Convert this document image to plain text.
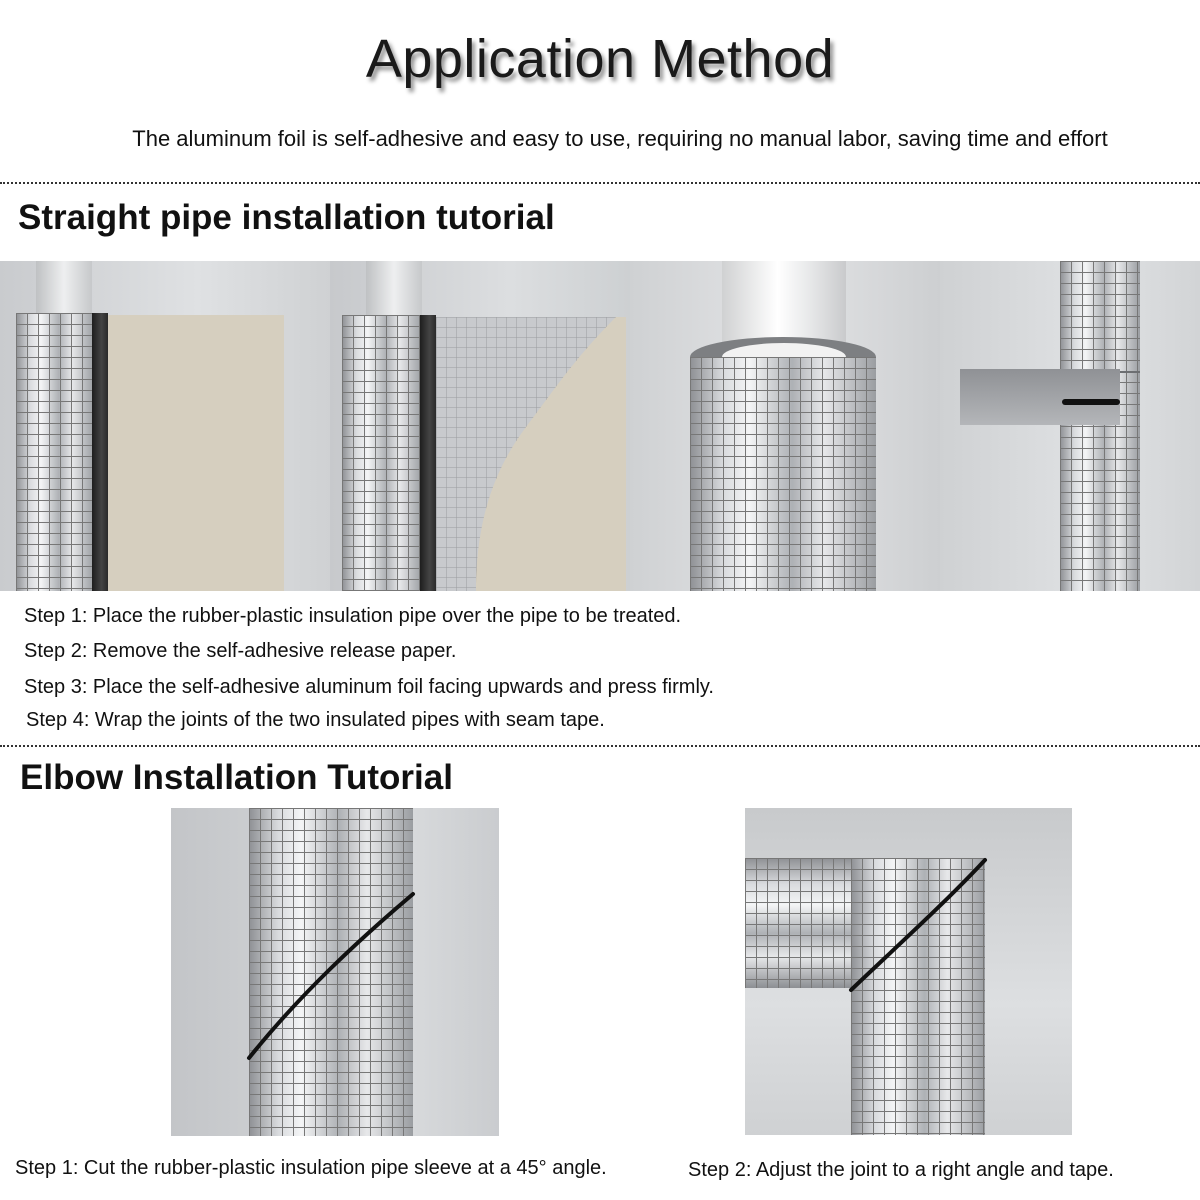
Application Method
The aluminum foil is self-adhesive and easy to use, requiring no manual labor, saving time and effort
Straight pipe installation tutorial
Step 1: Place the rubber-plastic insulation pipe over the pipe to be treated.
Step 2: Remove the self-adhesive release paper.
Step 3: Place the self-adhesive aluminum foil facing upwards and press firmly.
Step 4: Wrap the joints of the two insulated pipes with seam tape.
Elbow Installation Tutorial
Step 1: Cut the rubber-plastic insulation pipe sleeve at a 45° angle.	Step 2: Adjust the joint to a right angle and tape.
